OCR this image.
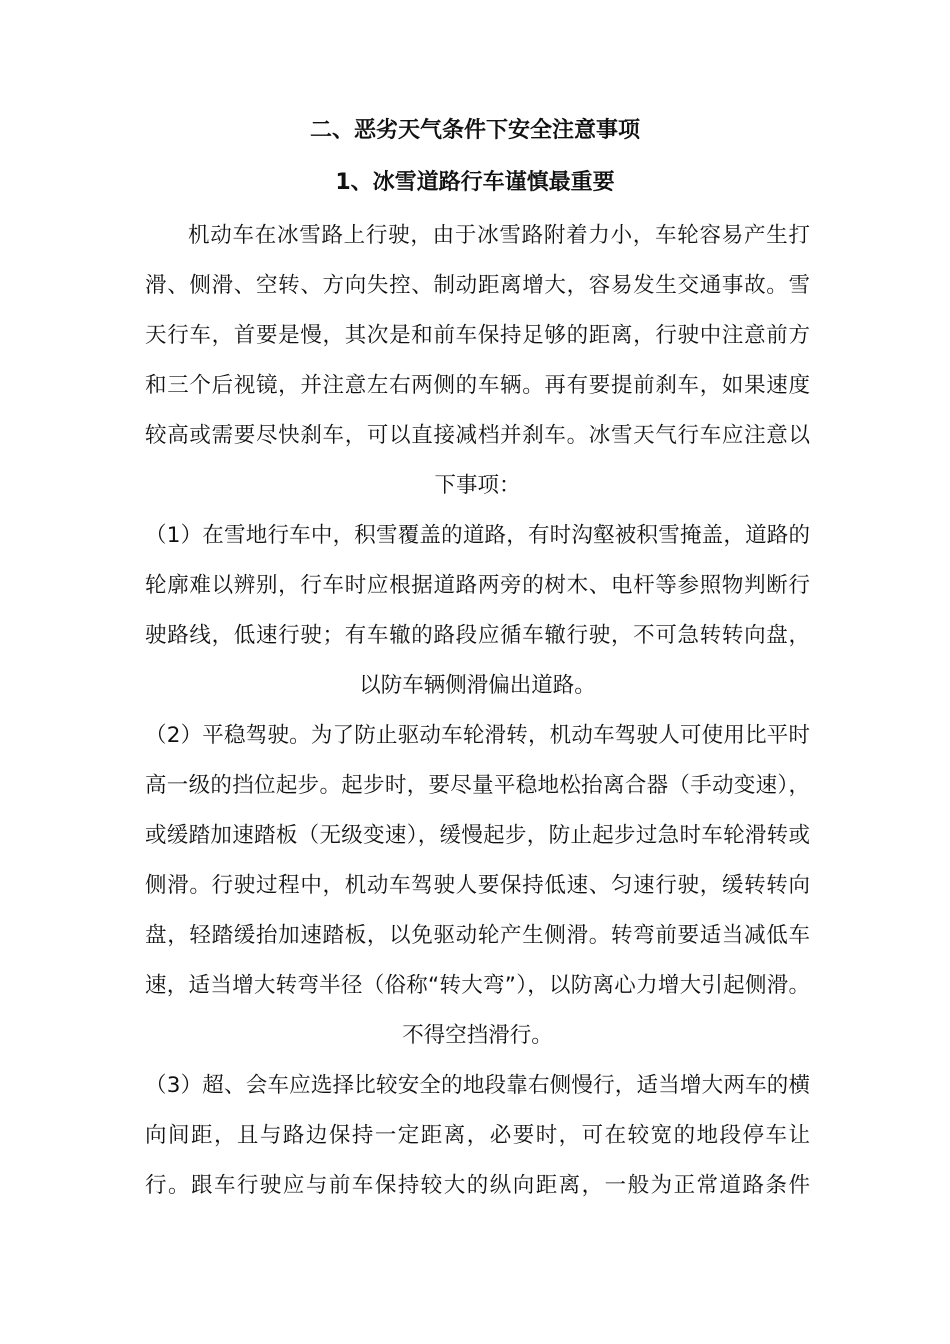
二、恶劣天气条件下安全注意事项
1、冰雪道路行车谨慎最重要

机动车在冰雪路上行驶，由于冰雪路附着力小，车轮容易产生打滑、侧滑、空转、方向失控、制动距离增大，容易发生交通事故。雪天行车，首要是慢，其次是和前车保持足够的距离，行驶中注意前方和三个后视镜，并注意左右两侧的车辆。再有要提前刹车，如果速度较高或需要尽快刹车，可以直接减档并刹车。冰雪天气行车应注意以下事项：

（1）在雪地行车中，积雪覆盖的道路，有时沟壑被积雪掩盖，道路的轮廓难以辨别，行车时应根据道路两旁的树木、电杆等参照物判断行驶路线，低速行驶；有车辙的路段应循车辙行驶，不可急转转向盘，以防车辆侧滑偏出道路。

（2）平稳驾驶。为了防止驱动车轮滑转，机动车驾驶人可使用比平时高一级的挡位起步。起步时，要尽量平稳地松抬离合器（手动变速），或缓踏加速踏板（无级变速），缓慢起步，防止起步过急时车轮滑转或侧滑。行驶过程中，机动车驾驶人要保持低速、匀速行驶，缓转转向盘，轻踏缓抬加速踏板，以免驱动轮产生侧滑。转弯前要适当减低车速，适当增大转弯半径（俗称“转大弯”），以防离心力增大引起侧滑。不得空挡滑行。

（3）超、会车应选择比较安全的地段靠右侧慢行，适当增大两车的横向间距，且与路边保持一定距离，必要时，可在较宽的地段停车让行。跟车行驶应与前车保持较大的纵向距离，一般为正常道路条件
